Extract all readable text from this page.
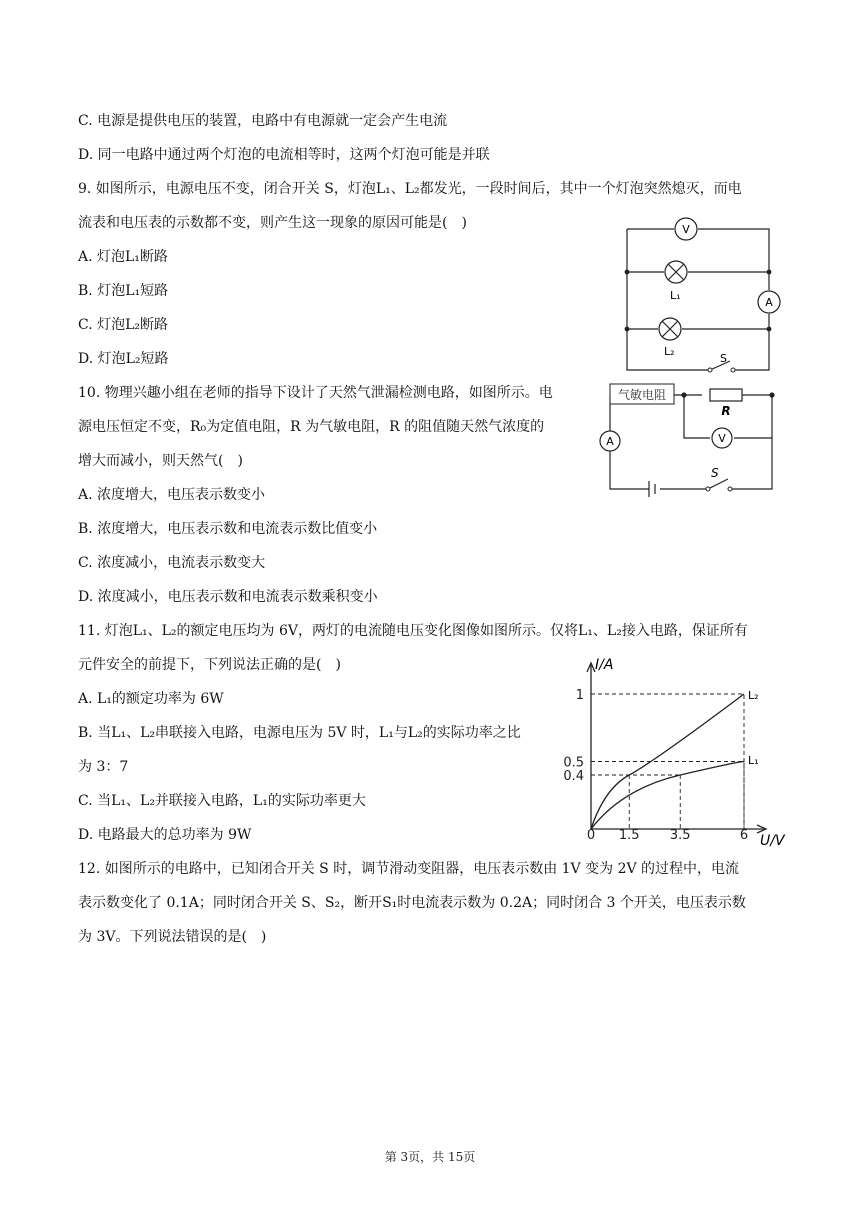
C. 电源是提供电压的装置，电路中有电源就一定会产生电流
D. 同一电路中通过两个灯泡的电流相等时，这两个灯泡可能是并联
9. 如图所示，电源电压不变，闭合开关 S，灯泡L₁、L₂都发光，一段时间后，其中一个灯泡突然熄灭，而电
流表和电压表的示数都不变，则产生这一现象的原因可能是(　)
A. 灯泡L₁断路
B. 灯泡L₁短路
C. 灯泡L₂断路
D. 灯泡L₂短路
10. 物理兴趣小组在老师的指导下设计了天然气泄漏检测电路，如图所示。电
源电压恒定不变，R₀为定值电阻，R 为气敏电阻，R 的阻值随天然气浓度的
增大而减小，则天然气(　)
A. 浓度增大，电压表示数变小
B. 浓度增大，电压表示数和电流表示数比值变小
C. 浓度减小，电流表示数变大
D. 浓度减小，电压表示数和电流表示数乘积变小
11. 灯泡L₁、L₂的额定电压均为 6V，两灯的电流随电压变化图像如图所示。仅将L₁、L₂接入电路，保证所有
元件安全的前提下，下列说法正确的是(　)
A. L₁的额定功率为 6W
B. 当L₁、L₂串联接入电路，电源电压为 5V 时，L₁与L₂的实际功率之比
为 3：7
C. 当L₁、L₂并联接入电路，L₁的实际功率更大
D. 电路最大的总功率为 9W
12. 如图所示的电路中，已知闭合开关 S 时，调节滑动变阻器，电压表示数由 1V 变为 2V 的过程中，电流
表示数变化了 0.1A；同时闭合开关 S、S₂，断开S₁时电流表示数为 0.2A；同时闭合 3 个开关，电压表示数
为 3V。下列说法错误的是(　)
V
A
L₁
L₂
S
气敏电阻
R
A	V
S
0 1.5 3.5	6
1
0.5
0.4
I/A
U/V
L₂
L₁
第 3页，共 15页
